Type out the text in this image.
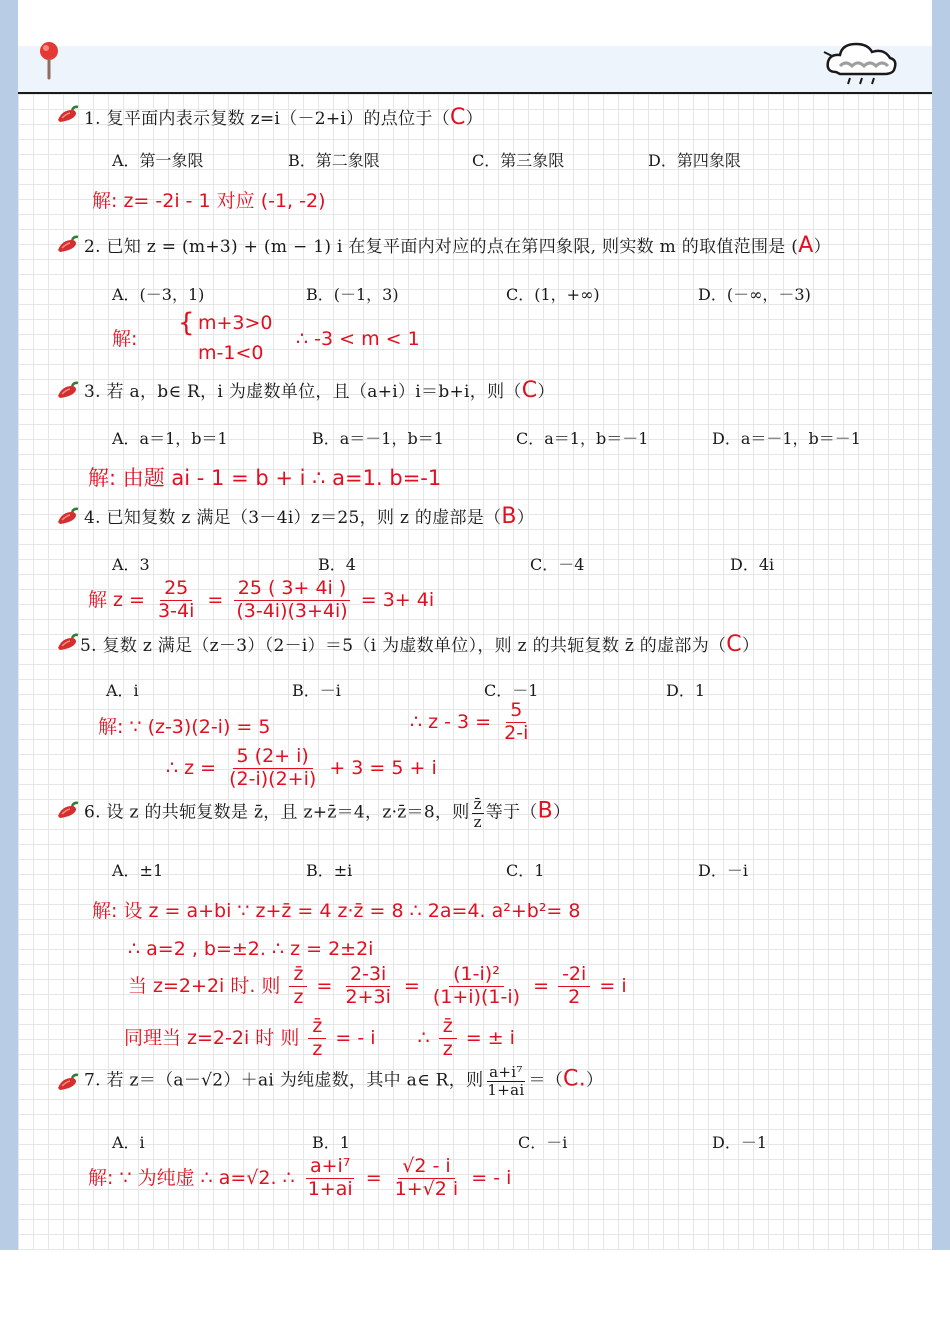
1. 复平面内表示复数 z=i（－2+i）的点位于（C）
A．第一象限	B．第二象限	C．第三象限	D．第四象限
解: z= -2i - 1 对应 (-1, -2)
2. 已知 z = (m+3) + (m − 1) i 在复平面内对应的点在第四象限, 则实数 m 的取值范围是 (A）
A．(－3，1)	B．(－1，3)	C．(1，+∞)	D．(－∞，－3)
解:
{ m+3>0
m-1<0
∴ -3 < m < 1
3. 若 a，b∈ R，i 为虚数单位，且（a+i）i＝b+i，则（C）
A．a＝1，b＝1	B．a＝－1，b＝1	C．a＝1，b＝－1	D．a＝－1，b＝－1
解: 由题 ai - 1 = b + i ∴ a=1. b=-1
4. 已知复数 z 满足（3－4i）z＝25，则 z 的虚部是（B）
A．3	B．4	C．－4	D．4i
解 $z = \frac{25}{3-4i} = \frac{25 ( 3+ 4i )}{(3-4i)(3+4i)} = 3+ 4i$
5. 复数 z 满足（z－3）（2－i）＝5（i 为虚数单位），则 z 的共轭复数 z̄ 的虚部为（C）
A．i	B．－i	C．－1	D．1
解: ∵ (z-3)(2-i) = 5	∴ $z - 3 = \frac{5}{2-i}$
∴ $z = \frac{5 (2+ i)}{(2-i)(2+i)} + 3 = 5 + i$
6. 设 z 的共轭复数是 z̄，且 z+z̄＝4，z·z̄＝8，则 $\frac{z̄}{z}$ 等于（B）
A．±1	B．±i	C．1	D．－i
解: 设 z = a+bi ∵ z+z̄ = 4 z·z̄ = 8 ∴ 2a=4. a²+b²= 8
∴ a=2 , b=±2. ∴ z = 2±2i
当 z=2+2i 时. 则 $\frac{z̄}{z} = \frac{2-3i}{2+3i} = \frac{\text{(1-i)²}}{(1+i)(1-i)} = \frac{-2i}{2} = i$
同理当 z=2-2i 时 则 $\frac{z̄}{z}$ = - i ∴ $\frac{z̄}{z}$ = ± i
7. 若 z＝（a－√2）＋ai 为纯虚数，其中 a∈ R，则 $\frac{\text{a+i⁷}}{1+ai} =(C.)$
A．i	B．1	C．－i	D．－1
解: ∵ 为纯虚 ∴ a=√2. ∴ $\frac{\text{a+i⁷}}{1+ai} = \frac{√2 - i}{1+√2 i}$ = - i
